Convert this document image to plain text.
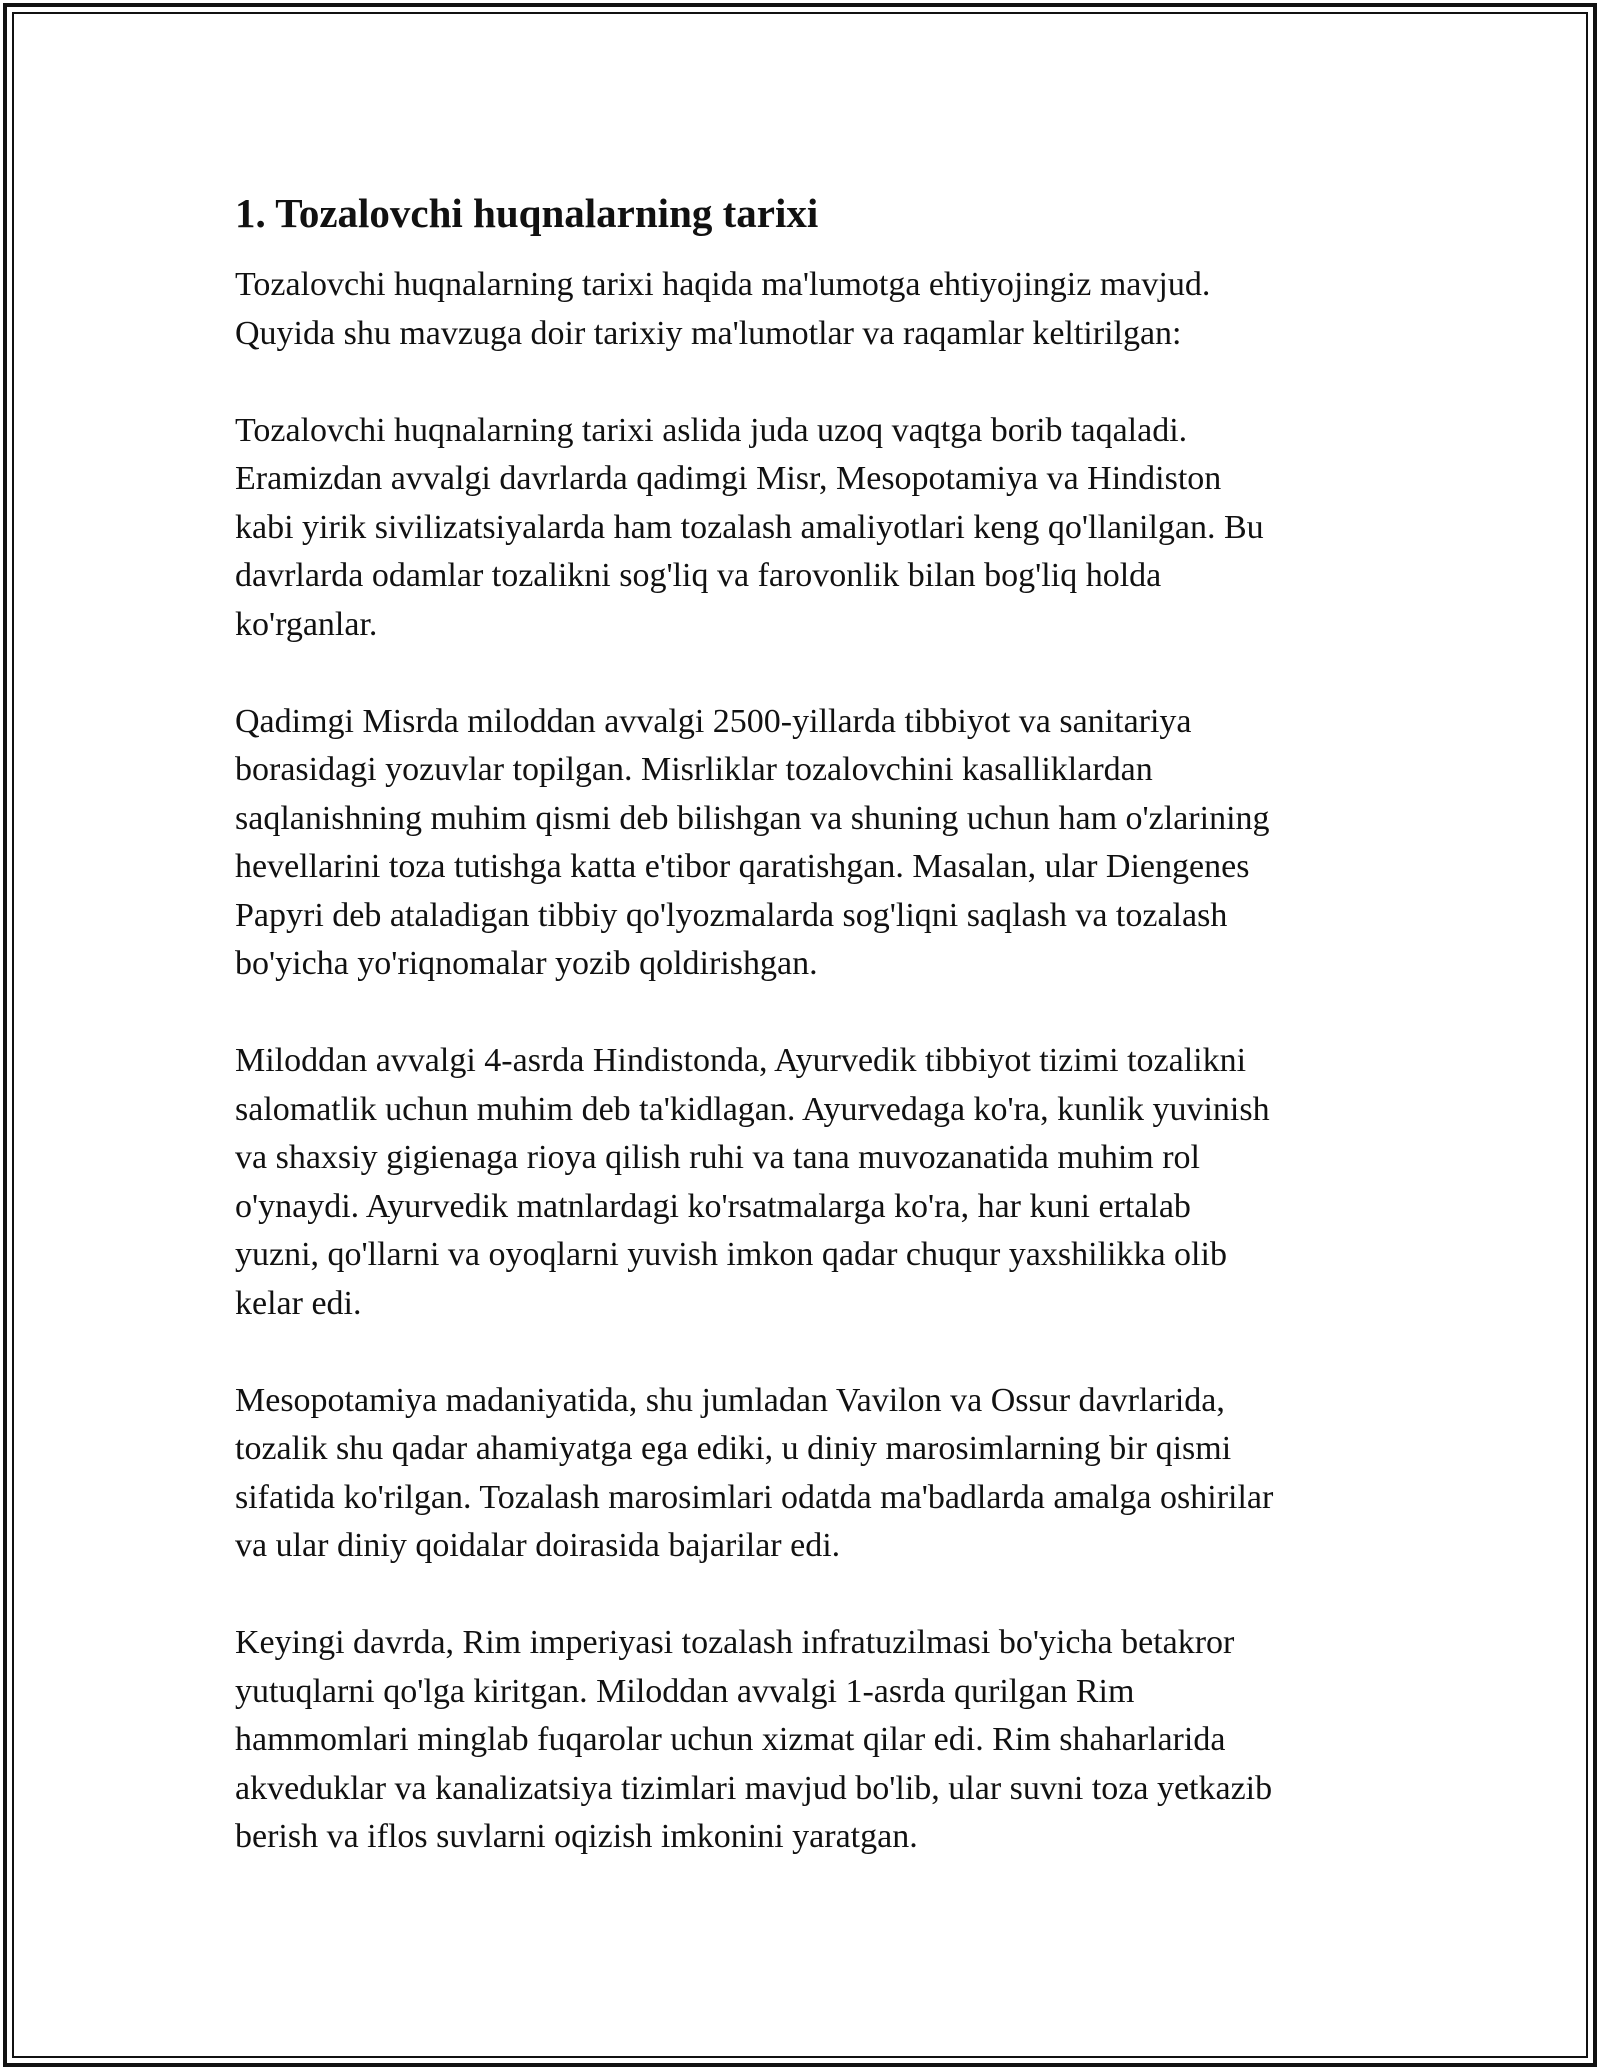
1. Tozalovchi huqnalarning tarixi

Tozalovchi huqnalarning tarixi haqida ma'lumotga ehtiyojingiz mavjud.
Quyida shu mavzuga doir tarixiy ma'lumotlar va raqamlar keltirilgan:

Tozalovchi huqnalarning tarixi aslida juda uzoq vaqtga borib taqaladi.
Eramizdan avvalgi davrlarda qadimgi Misr, Mesopotamiya va Hindiston
kabi yirik sivilizatsiyalarda ham tozalash amaliyotlari keng qo'llanilgan. Bu
davrlarda odamlar tozalikni sog'liq va farovonlik bilan bog'liq holda
ko'rganlar.

Qadimgi Misrda miloddan avvalgi 2500-yillarda tibbiyot va sanitariya
borasidagi yozuvlar topilgan. Misrliklar tozalovchini kasalliklardan
saqlanishning muhim qismi deb bilishgan va shuning uchun ham o'zlarining
hevellarini toza tutishga katta e'tibor qaratishgan. Masalan, ular Diengenes
Papyri deb ataladigan tibbiy qo'lyozmalarda sog'liqni saqlash va tozalash
bo'yicha yo'riqnomalar yozib qoldirishgan.

Miloddan avvalgi 4-asrda Hindistonda, Ayurvedik tibbiyot tizimi tozalikni
salomatlik uchun muhim deb ta'kidlagan. Ayurvedaga ko'ra, kunlik yuvinish
va shaxsiy gigienaga rioya qilish ruhi va tana muvozanatida muhim rol
o'ynaydi. Ayurvedik matnlardagi ko'rsatmalarga ko'ra, har kuni ertalab
yuzni, qo'llarni va oyoqlarni yuvish imkon qadar chuqur yaxshilikka olib
kelar edi.

Mesopotamiya madaniyatida, shu jumladan Vavilon va Ossur davrlarida,
tozalik shu qadar ahamiyatga ega ediki, u diniy marosimlarning bir qismi
sifatida ko'rilgan. Tozalash marosimlari odatda ma'badlarda amalga oshirilar
va ular diniy qoidalar doirasida bajarilar edi.

Keyingi davrda, Rim imperiyasi tozalash infratuzilmasi bo'yicha betakror
yutuqlarni qo'lga kiritgan. Miloddan avvalgi 1-asrda qurilgan Rim
hammomlari minglab fuqarolar uchun xizmat qilar edi. Rim shaharlarida
akveduklar va kanalizatsiya tizimlari mavjud bo'lib, ular suvni toza yetkazib
berish va iflos suvlarni oqizish imkonini yaratgan.
